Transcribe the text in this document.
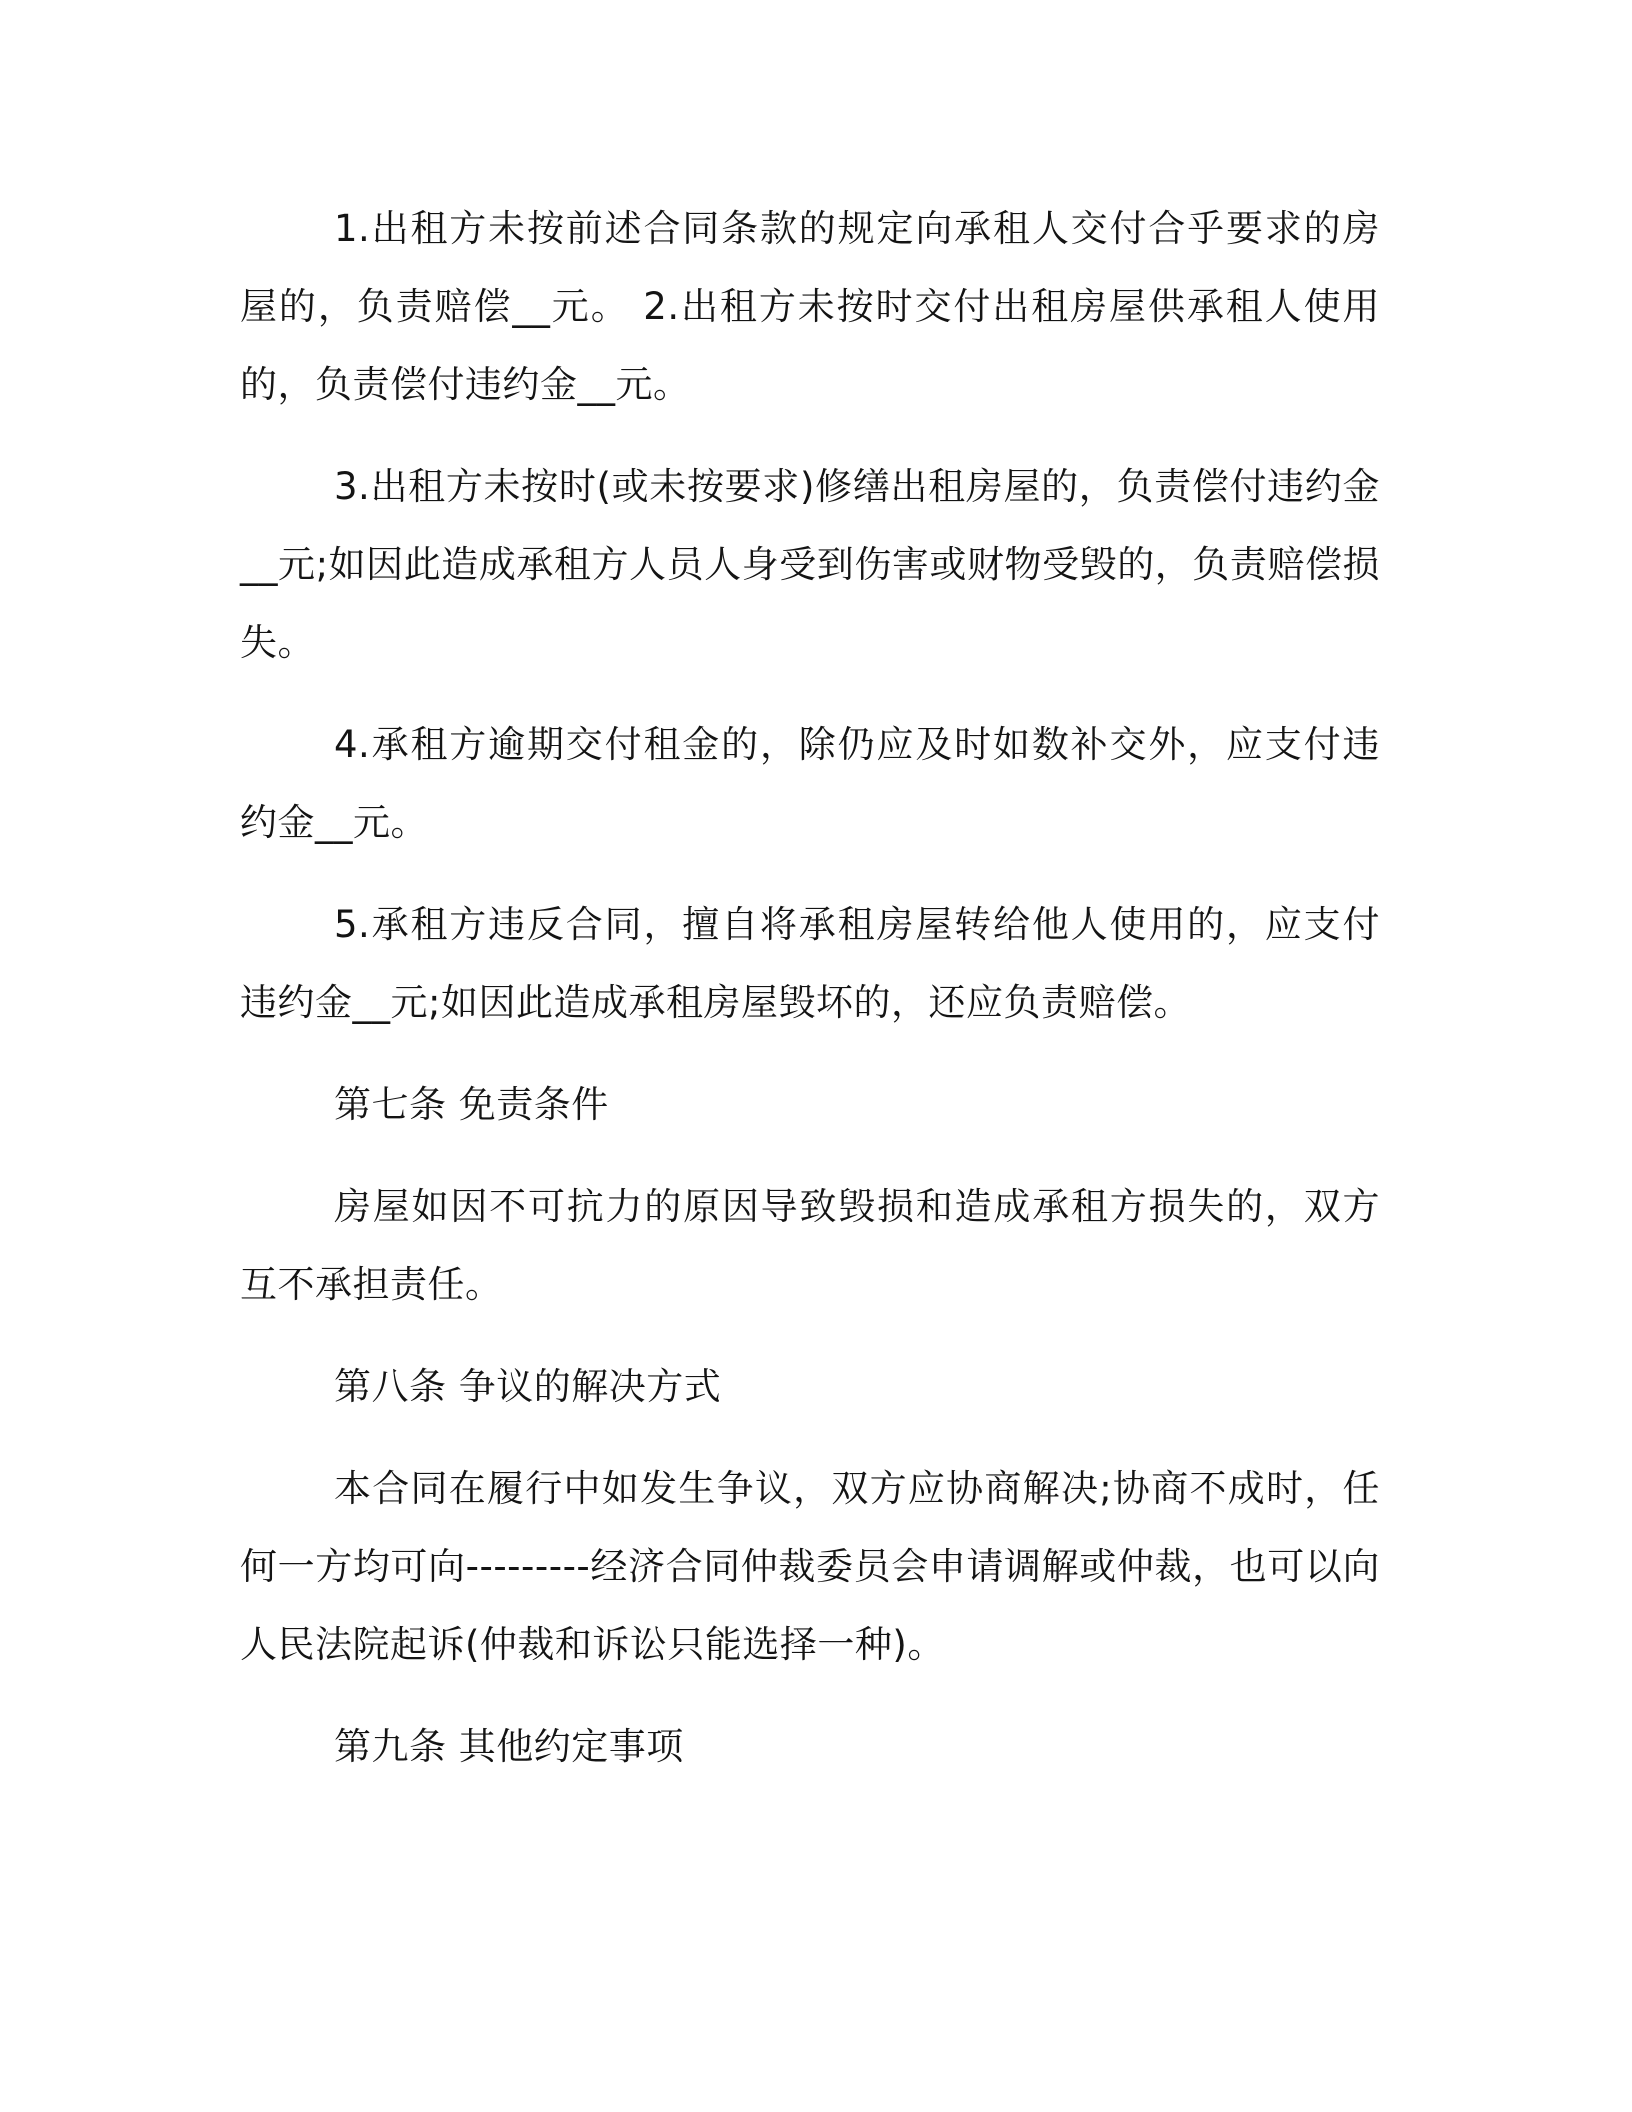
1.出租方未按前述合同条款的规定向承租人交付合乎要求的房屋的，负责赔偿__元。 2.出租方未按时交付出租房屋供承租人使用的，负责偿付违约金__元。

3.出租方未按时(或未按要求)修缮出租房屋的，负责偿付违约金__元;如因此造成承租方人员人身受到伤害或财物受毁的，负责赔偿损失。

4.承租方逾期交付租金的，除仍应及时如数补交外，应支付违约金__元。

5.承租方违反合同，擅自将承租房屋转给他人使用的，应支付违约金__元;如因此造成承租房屋毁坏的，还应负责赔偿。

第七条 免责条件

房屋如因不可抗力的原因导致毁损和造成承租方损失的，双方互不承担责任。

第八条 争议的解决方式

本合同在履行中如发生争议，双方应协商解决;协商不成时，任何一方均可向---------经济合同仲裁委员会申请调解或仲裁，也可以向人民法院起诉(仲裁和诉讼只能选择一种)。

第九条 其他约定事项
